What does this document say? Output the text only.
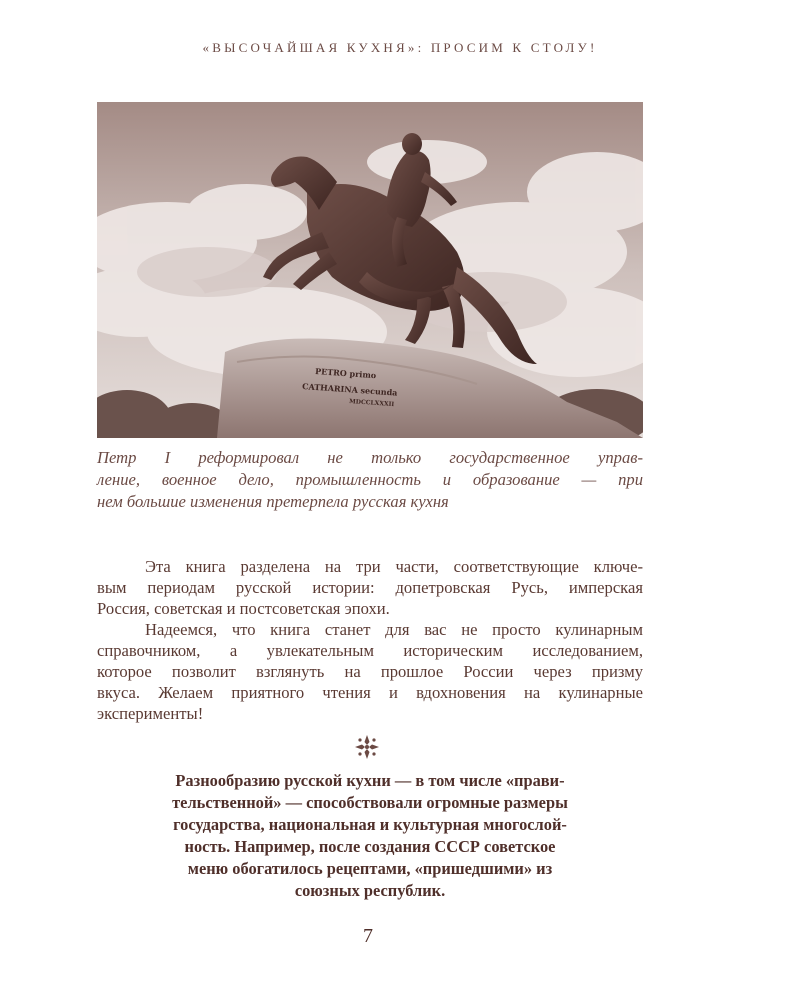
«ВЫСОЧАЙШАЯ КУХНЯ»: ПРОСИМ К СТОЛУ!
PETRO primo
CATHARINA secunda
MDCCLXXXII
Петр I реформировал не только государственное управ-
ление, военное дело, промышленность и образование — при
нем большие изменения претерпела русская кухня
Эта книга разделена на три части, соответствующие ключе-
вым периодам русской истории: допетровская Русь, имперская
Россия, советская и постсоветская эпохи.
Надеемся, что книга станет для вас не просто кулинарным
справочником, а увлекательным историческим исследованием,
которое позволит взглянуть на прошлое России через призму
вкуса. Желаем приятного чтения и вдохновения на кулинарные
эксперименты!
Разнообразию русской кухни — в том числе «прави-
тельственной» — способствовали огромные размеры
государства, национальная и культурная многослой-
ность. Например, после создания СССР советское
меню обогатилось рецептами, «пришедшими» из
союзных республик.
7
